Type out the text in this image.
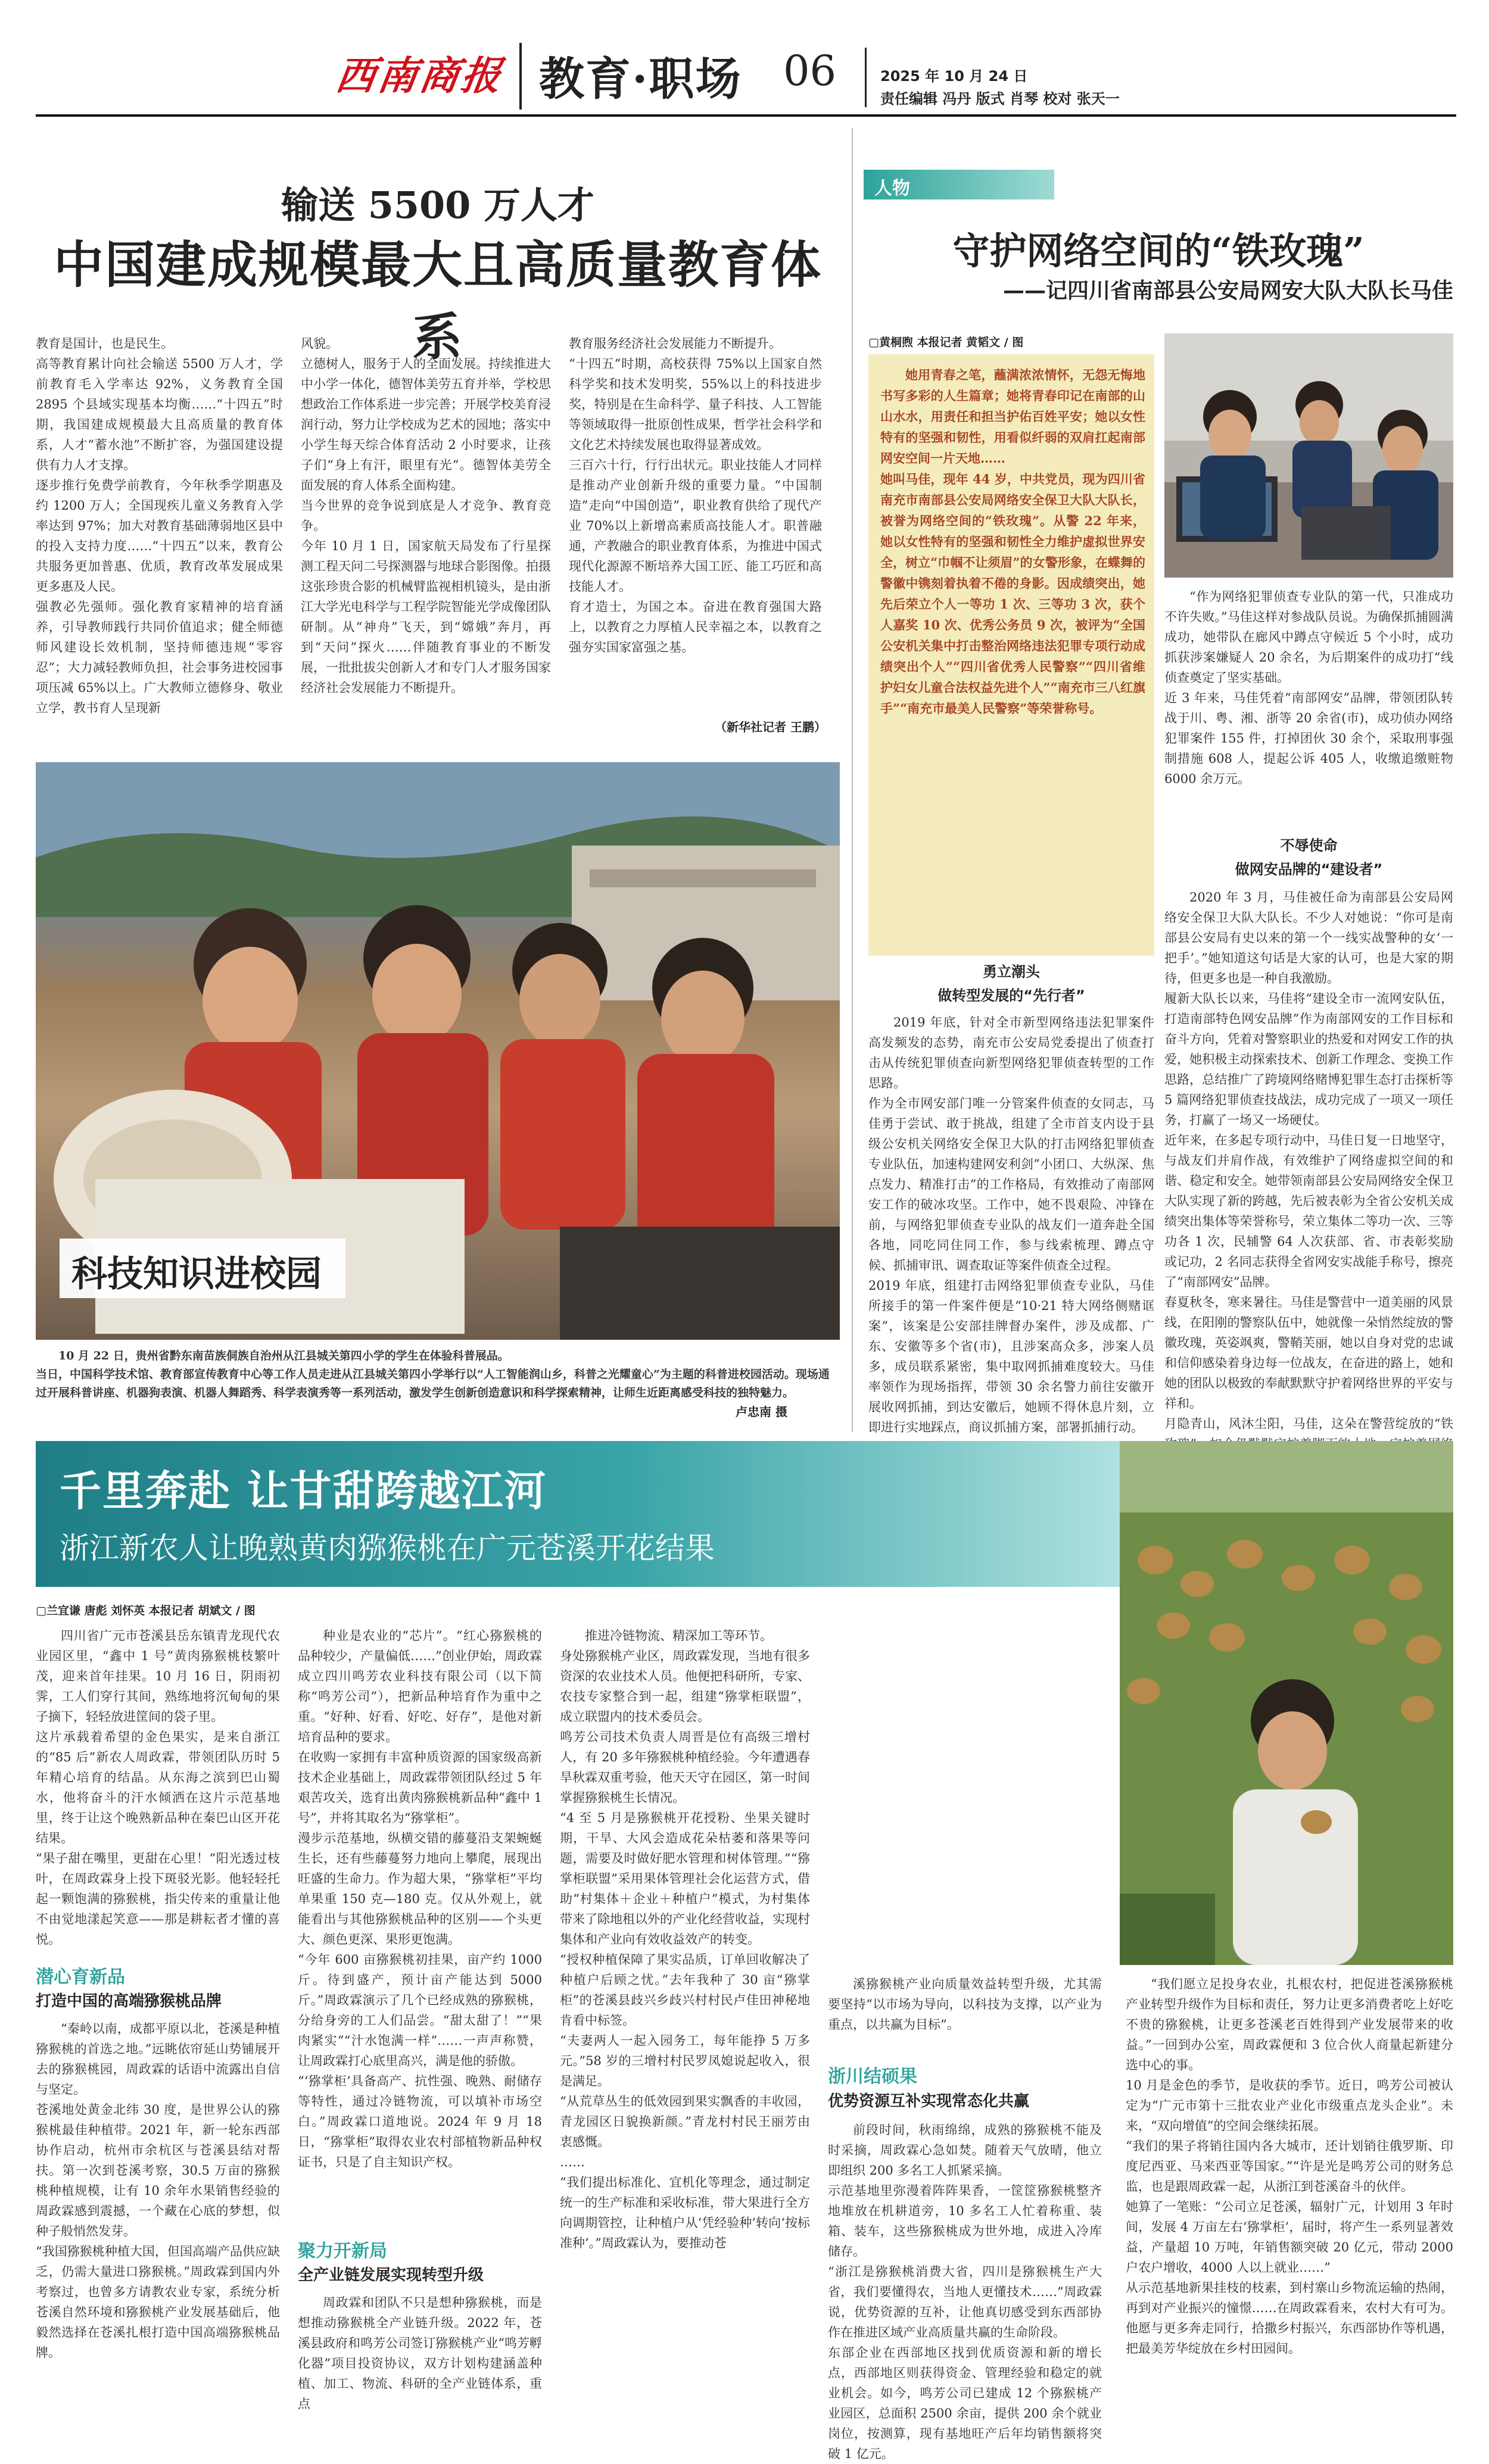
西南商报 教育·职场 06	2025 年 10 月 24 日
责任编辑 冯丹 版式 肖琴 校对 张天一
输送 5500 万人才
中国建成规模最大且高质量教育体系
教育是国计，也是民生。
高等教育累计向社会输送 5500 万人才，学前教育毛入学率达 92%，义务教育全国 2895 个县域实现基本均衡……“十四五”时期，我国建成规模最大且高质量的教育体系，人才“蓄水池”不断扩容，为强国建设提供有力人才支撑。
逐步推行免费学前教育，今年秋季学期惠及约 1200 万人；全国现疾儿童义务教育入学率达到 97%；加大对教育基础薄弱地区县中的投入支持力度……“十四五”以来，教育公共服务更加普惠、优质，教育改革发展成果更多惠及人民。
强教必先强师。强化教育家精神的培育涵养，引导教师践行共同价值追求；健全师德师风建设长效机制，坚持师德违规“零容忍”；大力减轻教师负担，社会事务进校园事项压减 65%以上。广大教师立德修身、敬业立学，教书育人呈现新
风貌。
立德树人，服务于人的全面发展。持续推进大中小学一体化，德智体美劳五育并举，学校思想政治工作体系进一步完善；开展学校美育浸润行动，努力让学校成为艺术的园地；落实中小学生每天综合体育活动 2 小时要求，让孩子们“身上有汗，眼里有光”。德智体美劳全面发展的育人体系全面构建。
当今世界的竞争说到底是人才竞争、教育竞争。
今年 10 月 1 日，国家航天局发布了行星探测工程天问二号探测器与地球合影图像。拍摄这张珍贵合影的机械臂监视相机镜头，是由浙江大学光电科学与工程学院智能光学成像团队研制。从“神舟”飞天，到“嫦娥”奔月，再到“天问”探火……伴随教育事业的不断发展，一批批拔尖创新人才和专门人才服务国家经济社会发展能力不断提升。
教育服务经济社会发展能力不断提升。
“十四五”时期，高校获得 75%以上国家自然科学奖和技术发明奖，55%以上的科技进步奖，特别是在生命科学、量子科技、人工智能等领域取得一批原创性成果，哲学社会科学和文化艺术持续发展也取得显著成效。
三百六十行，行行出状元。职业技能人才同样是推动产业创新升级的重要力量。“中国制造”走向“中国创造”，职业教育供给了现代产业 70%以上新增高素质高技能人才。职普融通，产教融合的职业教育体系，为推进中国式现代化源源不断培养大国工匠、能工巧匠和高技能人才。
育才造士，为国之本。奋进在教育强国大路上，以教育之力厚植人民幸福之本，以教育之强夯实国家富强之基。
（新华社记者 王鹏）
科技知识进校园
10 月 22 日，贵州省黔东南苗族侗族自治州从江县城关第四小学的学生在体验科普展品。
当日，中国科学技术馆、教育部宣传教育中心等工作人员走进从江县城关第四小学举行以“人工智能润山乡，科普之光耀童心”为主题的科普进校园活动。现场通过开展科普讲座、机器狗表演、机器人舞蹈秀、科学表演秀等一系列活动，激发学生创新创造意识和科学探索精神，让师生近距离感受科技的独特魅力。
卢忠南 摄
人物
守护网络空间的“铁玫瑰”
——记四川省南部县公安局网安大队大队长马佳
▢黄桐煦 本报记者 黄韬文 / 图
她用青春之笔，蘸满浓浓情怀，无怨无悔地书写多彩的人生篇章；她将青春印记在南部的山山水水，用责任和担当护佑百姓平安；她以女性特有的坚强和韧性，用看似纤弱的双肩扛起南部网安空间一片天地……
她叫马佳，现年 44 岁，中共党员，现为四川省南充市南部县公安局网络安全保卫大队大队长，被誉为网络空间的“铁玫瑰”。从警 22 年来，她以女性特有的坚强和韧性全力维护虚拟世界安全，树立“巾帼不让须眉”的女警形象，在蝶舞的警徽中镌刻着执着不倦的身影。因成绩突出，她先后荣立个人一等功 1 次、三等功 3 次，获个人嘉奖 10 次、优秀公务员 9 次，被评为“全国公安机关集中打击整治网络违法犯罪专项行动成绩突出个人”“四川省优秀人民警察”“四川省维护妇女儿童合法权益先进个人”“南充市三八红旗手”“南充市最美人民警察”等荣誉称号。
“作为网络犯罪侦查专业队的第一代，只准成功不许失败。”马佳这样对参战队员说。为确保抓捕圆满成功，她带队在廊风中蹲点守候近 5 个小时，成功抓获涉案嫌疑人 20 余名，为后期案件的成功打“线侦查奠定了坚实基础。
近 3 年来，马佳凭着“南部网安”品牌，带领团队转战于川、粤、湘、浙等 20 余省(市)，成功侦办网络犯罪案件 155 件，打掉团伙 30 余个，采取刑事强制措施 608 人，提起公诉 405 人，收缴追缴赃物 6000 余万元。
不辱使命
做网安品牌的“建设者”
2020 年 3 月，马佳被任命为南部县公安局网络安全保卫大队大队长。不少人对她说：“你可是南部县公安局有史以来的第一个一线实战警种的女‘一把手’。”她知道这句话是大家的认可，也是大家的期待，但更多也是一种自我激励。
履新大队长以来，马佳将“建设全市一流网安队伍，打造南部特色网安品牌”作为南部网安的工作目标和奋斗方向，凭着对警察职业的热爱和对网安工作的执爱，她积极主动探索技术、创新工作理念、变换工作思路，总结推广了跨境网络赌博犯罪生态打击探析等 5 篇网络犯罪侦查技战法，成功完成了一项又一项任务，打赢了一场又一场硬仗。
近年来，在多起专项行动中，马佳日复一日地坚守，与战友们并肩作战，有效维护了网络虚拟空间的和谐、稳定和安全。她带领南部县公安局网络安全保卫大队实现了新的跨越，先后被表彰为全省公安机关成绩突出集体等荣誉称号，荣立集体二等功一次、三等功各 1 次，民辅警 64 人次获部、省、市表彰奖励或记功，2 名同志获得全省网安实战能手称号，擦亮了“南部网安”品牌。
春夏秋冬，寒来暑往。马佳是警营中一道美丽的风景线，在阳刚的警察队伍中，她就像一朵悄然绽放的警徽玫瑰，英姿飒爽，警鞘芙丽，她以自身对党的忠诚和信仰感染着身边每一位战友，在奋进的路上，她和她的团队以极致的奉献默默守护着网络世界的平安与祥和。
月隐青山，风沐尘阳，马佳，这朵在警营绽放的“铁
勇立潮头
做转型发展的“先行者”
2019 年底，针对全市新型网络违法犯罪案件高发频发的态势，南充市公安局党委提出了侦查打击从传统犯罪侦查向新型网络犯罪侦查转型的工作思路。
作为全市网安部门唯一分管案件侦查的女同志，马佳勇于尝试、敢于挑战，组建了全市首支内设于县级公安机关网络安全保卫大队的打击网络犯罪侦查专业队伍，加速构建网安利剑”小团口、大纵深、焦点发力、精准打击”的工作格局，有效推动了南部网安工作的破冰攻坚。工作中，她不畏艰险、冲锋在前，与网络犯罪侦查专业队的战友们一道奔赴全国各地，同吃同住同工作，参与线索梳理、蹲点守候、抓捕审讯、调查取证等案件侦查全过程。
2019 年底，组建打击网络犯罪侦查专业队，马佳所接手的第一件案件便是“10·21 特大网络侧赌诓案”，该案是公安部挂牌督办案件，涉及成都、广东、安徽等多个省(市)，且涉案高众多，涉案人员多，成员联系紧密，集中取网抓捕难度较大。马佳率领作为现场指挥，带领 30 余名警力前往安徽开展收网抓捕，到达安徽后，她顾不得休息片刻，立即进行实地踩点，商议抓捕方案，部署抓捕行动。
千里奔赴 让甘甜跨越江河
浙江新农人让晚熟黄肉猕猴桃在广元苍溪开花结果
▢兰宜谦 唐彪 刘怀英 本报记者 胡斌文 / 图
四川省广元市苍溪县岳东镇青龙现代农业园区里，“鑫中 1 号”黄肉猕猴桃枝繁叶茂，迎来首年挂果。10 月 16 日，阴雨初霁，工人们穿行其间，熟练地将沉甸甸的果子摘下，轻轻放进筐间的袋子里。
这片承载着希望的金色果实，是来自浙江的“85 后”新农人周政霖，带领团队历时 5 年精心培育的结晶。从东海之滨到巴山蜀水，他将奋斗的汗水倾洒在这片示范基地里，终于让这个晚熟新品种在秦巴山区开花结果。
“果子甜在嘴里，更甜在心里！”阳光透过枝叶，在周政霖身上投下斑驳光影。他轻轻托起一颗饱满的猕猴桃，指尖传来的重量让他不由觉地漾起笑意——那是耕耘者才懂的喜悦。
潜心育新品
打造中国的高端猕猴桃品牌
“秦岭以南，成都平原以北，苍溪是种植猕猴桃的首选之地。”远眺依帘延山势铺展开去的猕猴桃园，周政霖的话语中流露出自信与坚定。
苍溪地处黄金北纬 30 度，是世界公认的猕猴桃最佳种植带。2021 年，新一轮东西部协作启动，杭州市余杭区与苍溪县结对帮扶。第一次到苍溪考察，30.5 万亩的猕猴桃种植规模，让有 10 余年水果销售经验的周政霖感到震撼，一个藏在心底的梦想，似种子般悄然发芽。
“我国猕猴桃种植大国，但国高端产品供应缺乏，仍需大量进口猕猴桃。”周政霖到国内外考察过，也曾多方请教农业专家，系统分析苍溪自然环境和猕猴桃产业发展基础后，他毅然选择在苍溪扎根打造中国高端猕猴桃品牌。
种业是农业的“芯片”。“红心猕猴桃的品种较少，产量偏低……”创业伊始，周政霖成立四川鸣芳农业科技有限公司（以下简称“鸣芳公司”），把新品种培育作为重中之重。“好种、好看、好吃、好存”，是他对新培育品种的要求。
在收购一家拥有丰富种质资源的国家级高新技术企业基础上，周政霖带领团队经过 5 年艰苦攻关，选育出黄肉猕猴桃新品种“鑫中 1 号”，并将其取名为“猕掌柜”。
漫步示范基地，纵横交错的藤蔓沿支架蜿蜒生长，还有些藤蔓努力地向上攀爬，展现出旺盛的生命力。作为超大果，“猕掌柜”平均单果重 150 克—180 克。仅从外观上，就能看出与其他猕猴桃品种的区别——个头更大、颜色更深、果形更饱满。
“今年 600 亩猕猴桃初挂果，亩产约 1000 斤。待到盛产，预计亩产能达到 5000 斤。”周政霖演示了几个已经成熟的猕猴桃，分给身旁的工人们品尝。“甜太甜了！”“果肉紧实”“汁水饱满一样”……一声声称赞，让周政霖打心底里高兴，满是他的骄傲。
“‘猕掌柜’具备高产、抗性强、晚熟、耐储存等特性，通过冷链物流，可以填补市场空白。”周政霖口道地说。2024 年 9 月 18 日，“猕掌柜”取得农业农村部植物新品种权证书，只是了自主知识产权。
聚力开新局
全产业链发展实现转型升级
周政霖和团队不只是想种猕猴桃，而是想推动猕猴桃全产业链升级。2022 年，苍溪县政府和鸣芳公司签订猕猴桃产业“鸣芳孵化器”项目投资协议，双方计划构建涵盖种植、加工、物流、科研的全产业链体系，重点
推进冷链物流、精深加工等环节。
身处猕猴桃产业区，周政霖发现，当地有很多资深的农业技术人员。他便把科研所，专家、农技专家整合到一起，组建“猕掌柜联盟”，成立联盟内的技术委员会。
鸣芳公司技术负责人周晋是位有高级三增村人，有 20 多年猕猴桃种植经验。今年遭遇春旱秋霖双重考验，他天天守在园区，第一时间掌握猕猴桃生长情况。
“4 至 5 月是猕猴桃开花授粉、坐果关键时期，干旱、大风会造成花朵枯萎和落果等问题，需要及时做好肥水管理和树体管理。”“猕掌柜联盟”采用果体管理社会化运营方式，借助“村集体＋企业＋种植户”模式，为村集体带来了除地租以外的产业化经营收益，实现村集体和产业向有效收益效产的转变。
“授权种植保障了果实品质，订单回收解决了种植户后顾之忧。”去年我种了 30 亩“猕掌柜”的苍溪县歧兴乡歧兴村村民卢佳田神秘地肯看中标签。
“夫妻两人一起入园务工，每年能挣 5 万多元。”58 岁的三增村村民罗凤媳说起收入，很是满足。
“从荒草丛生的低效园到果实飘香的丰收园，青龙园区日貌换新颜。”青龙村村民王丽芳由衷感慨。
……
“我们提出标准化、宜机化等理念，通过制定统一的生产标准和采收标准，带大果进行全方向调期管控，让种植户从‘凭经验种’转向‘按标准种’。”周政霖认为，要推动苍
溪猕猴桃产业向质量效益转型升级，尤其需要坚持“以市场为导向，以科技为支撑，以产业为重点，以共赢为目标”。
浙川结硕果
优势资源互补实现常态化共赢
前段时间，秋雨绵绵，成熟的猕猴桃不能及时采摘，周政霖心急如焚。随着天气放晴，他立即组织 200 多名工人抓紧采摘。
示范基地里弥漫着阵阵果香，一筐筐猕猴桃整齐地堆放在机耕道旁，10 多名工人忙着称重、装箱、装车，这些猕猴桃成为世外地，成进入冷库储存。
“浙江是猕猴桃消费大省，四川是猕猴桃生产大省，我们要懂得农，当地人更懂技术……”周政霖说，优势资源的互补，让他真切感受到东西部协作在推进区域产业高质量共赢的生命阶段。
东部企业在西部地区找到优质资源和新的增长点，西部地区则获得资金、管理经验和稳定的就业机会。如今，鸣芳公司已建成 12 个猕猴桃产业园区，总面积 2500 余亩，提供 200 余个就业岗位，按测算，现有基地旺产后年均销售额将突破 1 亿元。
“我们愿立足投身农业，扎根农村，把促进苍溪猕猴桃产业转型升级作为目标和责任，努力让更多消费者吃上好吃不贵的猕猴桃，让更多苍溪老百姓得到产业发展带来的收益。”一回到办公室，周政霖便和 3 位合伙人商量起新建分选中心的事。
10 月是金色的季节，是收获的季节。近日，鸣芳公司被认定为“广元市第十三批农业产业化市级重点龙头企业”。未来，“双向增值”的空间会继续拓展。
“我们的果子将销往国内各大城市，还计划销往俄罗斯、印度尼西亚、马来西亚等国家。”“许是光是鸣芳公司的财务总监，也是跟周政霖一起，从浙江到苍溪奋斗的伙伴。
她算了一笔账：“公司立足苍溪，辐射广元，计划用 3 年时间，发展 4 万亩左右‘猕掌柜’，届时，将产生一系列显著效益，产量超 10 万吨，年销售额突破 20 亿元，带动 2000 户农户增收，4000 人以上就业……”
从示范基地新果挂枝的枝素，到村寨山乡物流运输的热闹，再到对产业振兴的憧憬……在周政霖看来，农村大有可为。他愿与更多奔走同行，拾撒乡村振兴，东西部协作等机遇，把最美芳华绽放在乡村田园间。
